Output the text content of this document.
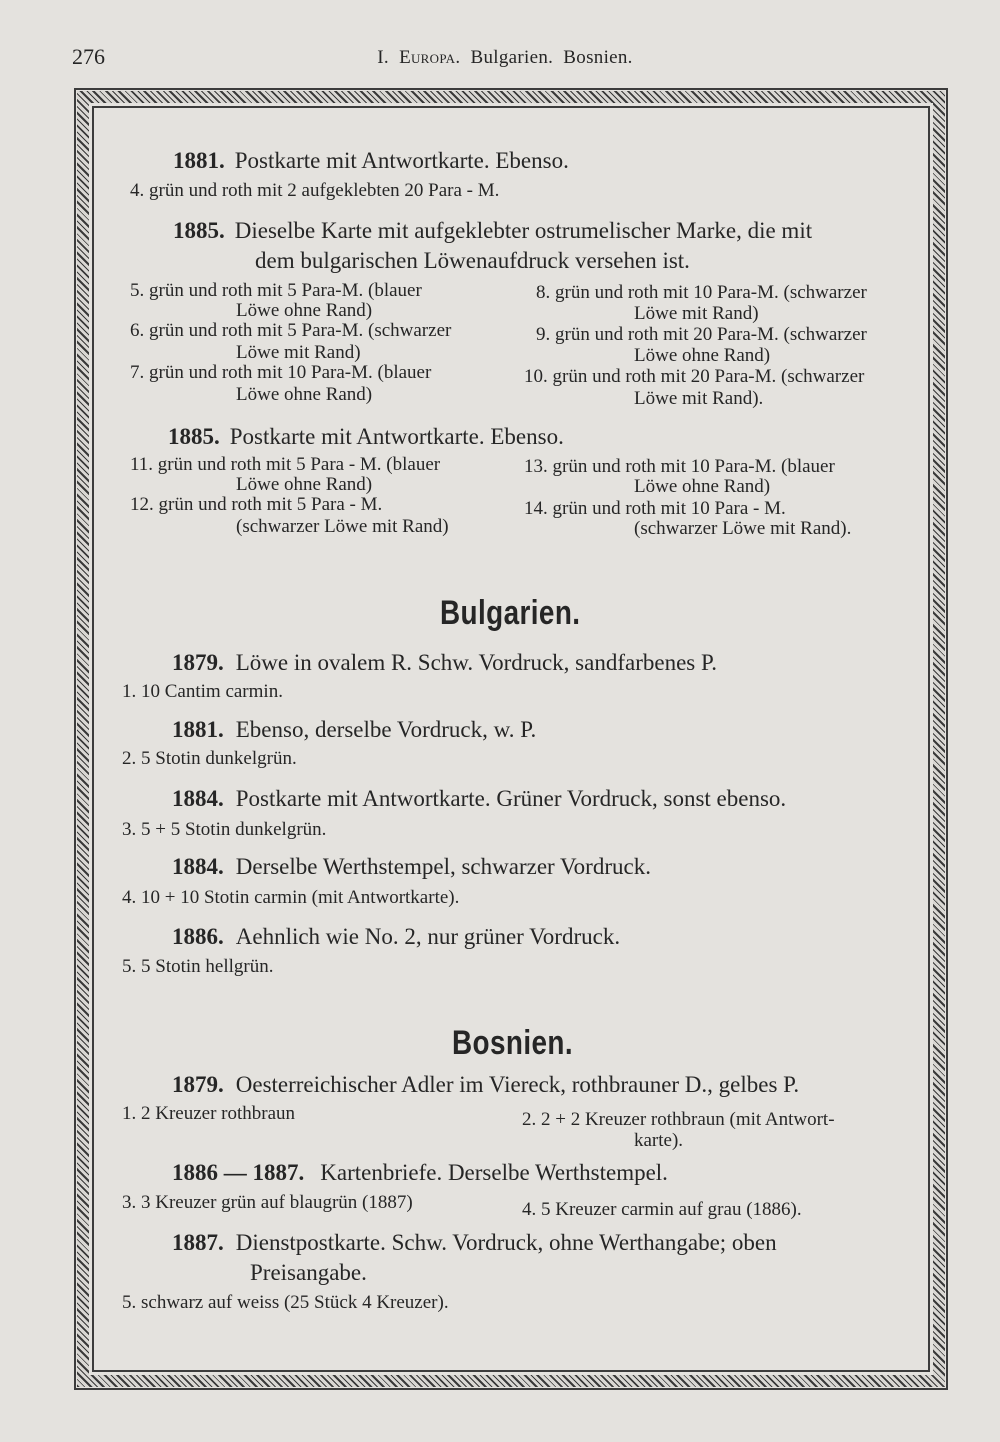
276	I. Europa. Bulgarien. Bosnien.
1881. Postkarte mit Antwortkarte. Ebenso.
4. grün und roth mit 2 aufgeklebten 20 Para - M.
1885. Dieselbe Karte mit aufgeklebter ostrumelischer Marke, die mit
dem bulgarischen Löwenaufdruck versehen ist.
5. grün und roth mit 5 Para-M. (blauer
Löwe ohne Rand)
6. grün und roth mit 5 Para-M. (schwarzer
Löwe mit Rand)
7. grün und roth mit 10 Para-M. (blauer
Löwe ohne Rand)
8. grün und roth mit 10 Para-M. (schwarzer
Löwe mit Rand)
9. grün und roth mit 20 Para-M. (schwarzer
Löwe ohne Rand)
10. grün und roth mit 20 Para-M. (schwarzer
Löwe mit Rand).
1885. Postkarte mit Antwortkarte. Ebenso.
11. grün und roth mit 5 Para - M. (blauer
Löwe ohne Rand)
12. grün und roth mit 5 Para - M.
(schwarzer Löwe mit Rand)
13. grün und roth mit 10 Para-M. (blauer
Löwe ohne Rand)
14. grün und roth mit 10 Para - M.
(schwarzer Löwe mit Rand).
Bulgarien.
1879. Löwe in ovalem R. Schw. Vordruck, sandfarbenes P.
1. 10 Cantim carmin.
1881. Ebenso, derselbe Vordruck, w. P.
2. 5 Stotin dunkelgrün.
1884. Postkarte mit Antwortkarte. Grüner Vordruck, sonst ebenso.
3. 5 + 5 Stotin dunkelgrün.
1884. Derselbe Werthstempel, schwarzer Vordruck.
4. 10 + 10 Stotin carmin (mit Antwortkarte).
1886. Aehnlich wie No. 2, nur grüner Vordruck.
5. 5 Stotin hellgrün.
Bosnien.
1879. Oesterreichischer Adler im Viereck, rothbrauner D., gelbes P.
1. 2 Kreuzer rothbraun	2. 2 + 2 Kreuzer rothbraun (mit Antwort-
karte).
1886 — 1887. Kartenbriefe. Derselbe Werthstempel.
3. 3 Kreuzer grün auf blaugrün (1887)	4. 5 Kreuzer carmin auf grau (1886).
1887. Dienstpostkarte. Schw. Vordruck, ohne Werthangabe; oben
Preisangabe.
5. schwarz auf weiss (25 Stück 4 Kreuzer).
